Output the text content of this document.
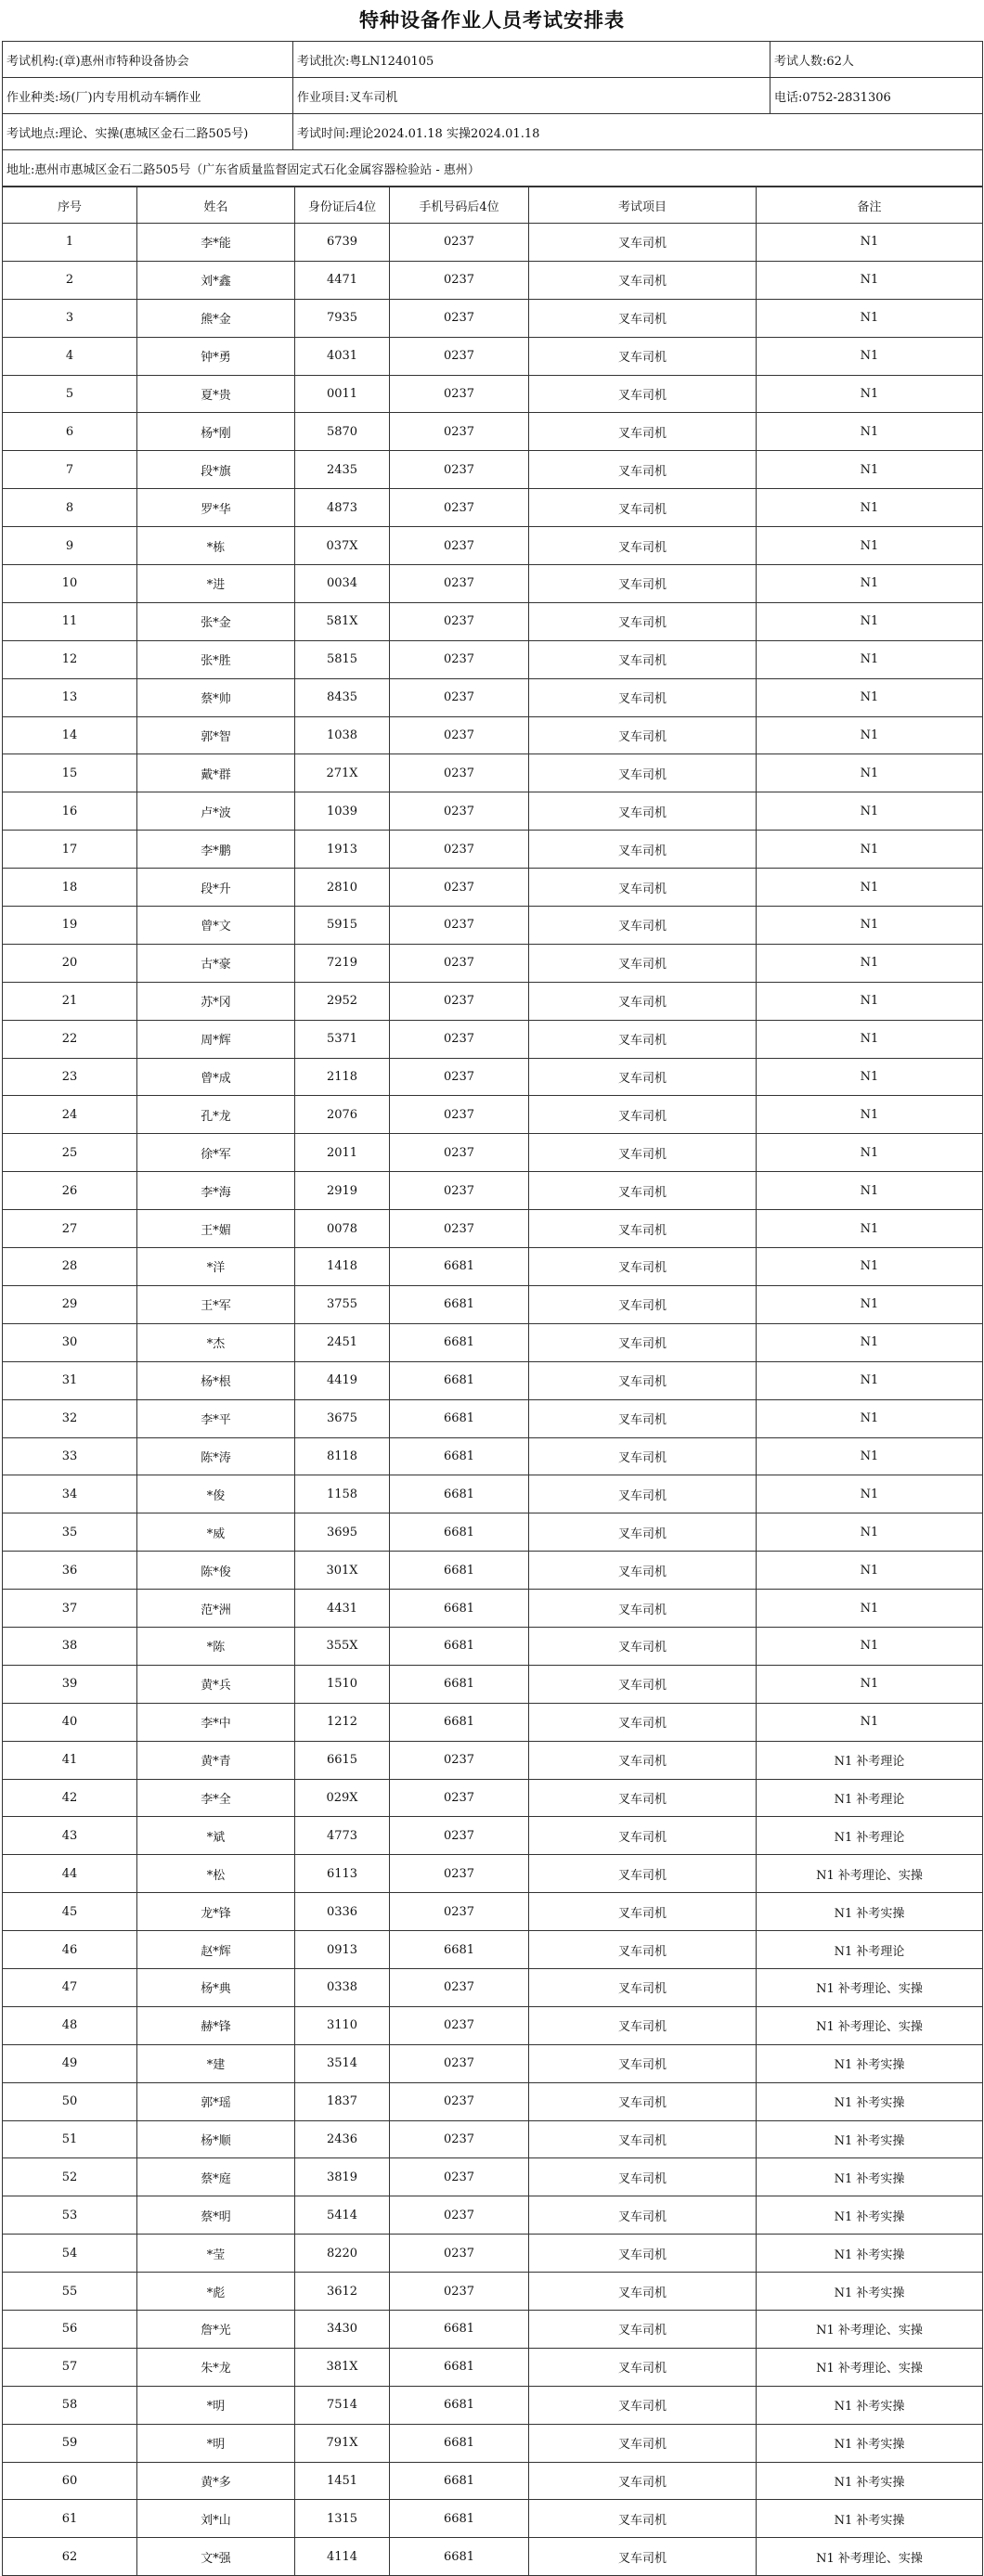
特种设备作业人员考试安排表
考试机构:(章)惠州市特种设备协会	考试批次:粤LN1240105	考试人数:62人
作业种类:场(厂)内专用机动车辆作业	作业项目:叉车司机	电话:0752-2831306
考试地点:理论、实操(惠城区金石二路505号)	考试时间:理论2024.01.18 实操2024.01.18	
地址:惠州市惠城区金石二路505号（广东省质量监督固定式石化金属容器检验站 - 惠州）		
序号	姓名	身份证后4位	手机号码后4位	考试项目	备注
1	李*能	6739	0237	叉车司机	N1
2	刘*鑫	4471	0237	叉车司机	N1
3	熊*金	7935	0237	叉车司机	N1
4	钟*勇	4031	0237	叉车司机	N1
5	夏*贵	0011	0237	叉车司机	N1
6	杨*刚	5870	0237	叉车司机	N1
7	段*旗	2435	0237	叉车司机	N1
8	罗*华	4873	0237	叉车司机	N1
9	*栋	037X	0237	叉车司机	N1
10	*进	0034	0237	叉车司机	N1
11	张*金	581X	0237	叉车司机	N1
12	张*胜	5815	0237	叉车司机	N1
13	蔡*帅	8435	0237	叉车司机	N1
14	郭*智	1038	0237	叉车司机	N1
15	戴*群	271X	0237	叉车司机	N1
16	卢*波	1039	0237	叉车司机	N1
17	李*鹏	1913	0237	叉车司机	N1
18	段*升	2810	0237	叉车司机	N1
19	曾*文	5915	0237	叉车司机	N1
20	古*豪	7219	0237	叉车司机	N1
21	苏*冈	2952	0237	叉车司机	N1
22	周*辉	5371	0237	叉车司机	N1
23	曾*成	2118	0237	叉车司机	N1
24	孔*龙	2076	0237	叉车司机	N1
25	徐*军	2011	0237	叉车司机	N1
26	李*海	2919	0237	叉车司机	N1
27	王*媚	0078	0237	叉车司机	N1
28	*洋	1418	6681	叉车司机	N1
29	王*军	3755	6681	叉车司机	N1
30	*杰	2451	6681	叉车司机	N1
31	杨*根	4419	6681	叉车司机	N1
32	李*平	3675	6681	叉车司机	N1
33	陈*涛	8118	6681	叉车司机	N1
34	*俊	1158	6681	叉车司机	N1
35	*威	3695	6681	叉车司机	N1
36	陈*俊	301X	6681	叉车司机	N1
37	范*洲	4431	6681	叉车司机	N1
38	*陈	355X	6681	叉车司机	N1
39	黄*兵	1510	6681	叉车司机	N1
40	李*中	1212	6681	叉车司机	N1
41	黄*青	6615	0237	叉车司机	N1 补考理论
42	李*全	029X	0237	叉车司机	N1 补考理论
43	*斌	4773	0237	叉车司机	N1 补考理论
44	*松	6113	0237	叉车司机	N1 补考理论、实操
45	龙*锋	0336	0237	叉车司机	N1 补考实操
46	赵*辉	0913	6681	叉车司机	N1 补考理论
47	杨*典	0338	0237	叉车司机	N1 补考理论、实操
48	赫*锋	3110	0237	叉车司机	N1 补考理论、实操
49	*建	3514	0237	叉车司机	N1 补考实操
50	郭*瑶	1837	0237	叉车司机	N1 补考实操
51	杨*顺	2436	0237	叉车司机	N1 补考实操
52	蔡*庭	3819	0237	叉车司机	N1 补考实操
53	蔡*明	5414	0237	叉车司机	N1 补考实操
54	*莹	8220	0237	叉车司机	N1 补考实操
55	*彪	3612	0237	叉车司机	N1 补考实操
56	詹*光	3430	6681	叉车司机	N1 补考理论、实操
57	朱*龙	381X	6681	叉车司机	N1 补考理论、实操
58	*明	7514	6681	叉车司机	N1 补考实操
59	*明	791X	6681	叉车司机	N1 补考实操
60	黄*多	1451	6681	叉车司机	N1 补考实操
61	刘*山	1315	6681	叉车司机	N1 补考实操
62	文*强	4114	6681	叉车司机	N1 补考理论、实操
